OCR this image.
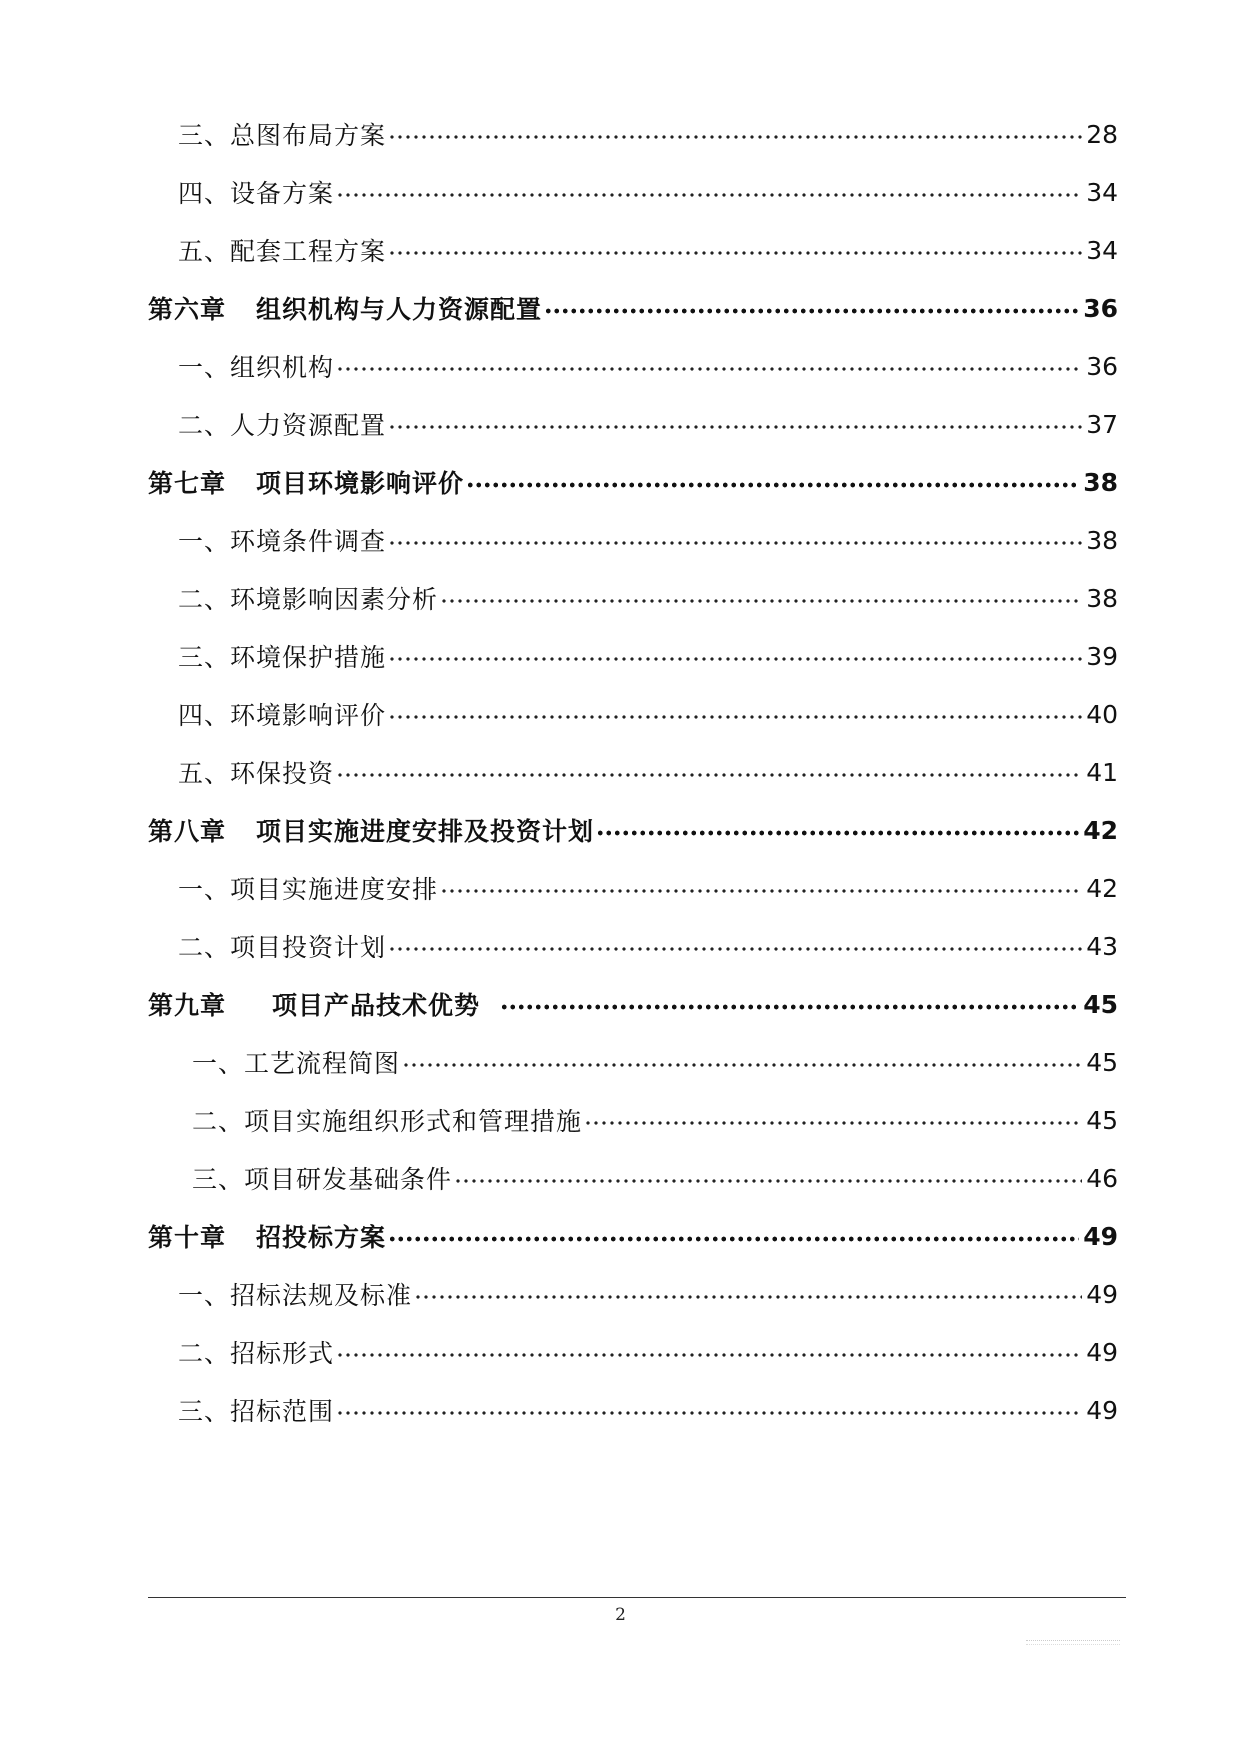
三、总图布局方案	28
四、设备方案	34
五、配套工程方案	34
第六章 组织机构与人力资源配置	36
一、组织机构	36
二、人力资源配置	37
第七章 项目环境影响评价	38
一、环境条件调查	38
二、环境影响因素分析	38
三、环境保护措施	39
四、环境影响评价	40
五、环保投资	41
第八章 项目实施进度安排及投资计划	42
一、项目实施进度安排	42
二、项目投资计划	43
第九章 项目产品技术优势	45
一、工艺流程简图	45
二、项目实施组织形式和管理措施	45
三、项目研发基础条件	46
第十章 招投标方案	49
一、招标法规及标准	49
二、招标形式	49
三、招标范围	49
2
